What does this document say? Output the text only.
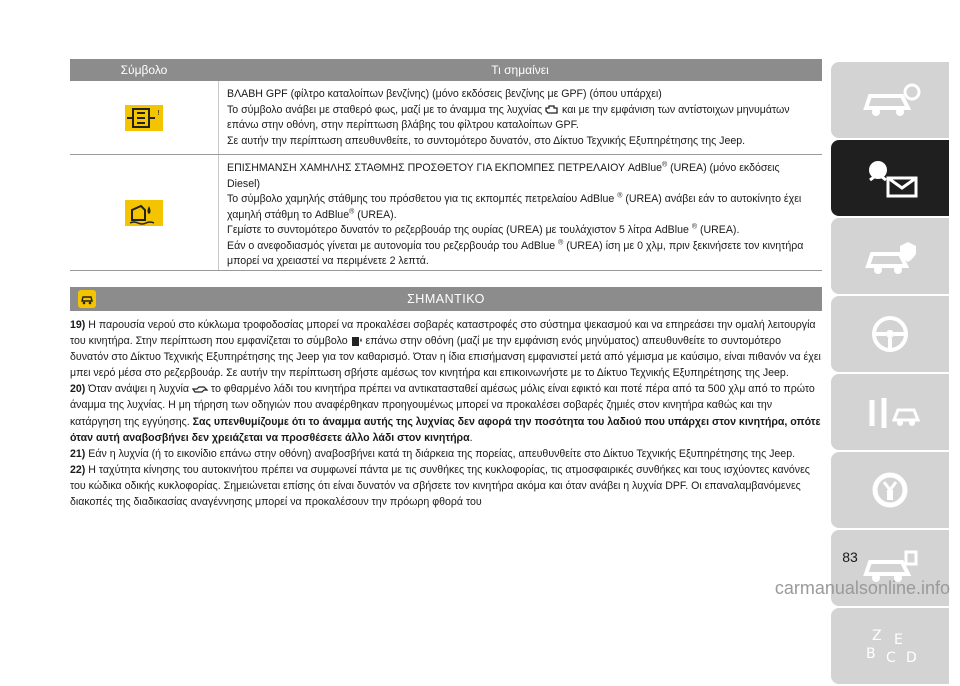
Σύμβολο	Τι σημαίνει
!

ΒΛΑΒΗ GPF (φίλτρο καταλοίπων βενζίνης) (μόνο εκδόσεις βενζίνης με GPF) (όπου υπάρχει)

Το σύμβολο ανάβει με σταθερό φως, μαζί με το άναμμα της λυχνίας και με την εμφάνιση των αντίστοιχων μηνυμάτων επάνω στην οθόνη, στην περίπτωση βλάβης του φίλτρου καταλοίπων GPF.

Σε αυτήν την περίπτωση απευθυνθείτε, το συντομότερο δυνατόν, στο Δίκτυο Τεχνικής Εξυπηρέτησης της Jeep.

ΕΠΙΣΗΜΑΝΣΗ ΧΑΜΗΛΗΣ ΣΤΑΘΜΗΣ ΠΡΟΣΘΕΤΟΥ ΓΙΑ ΕΚΠΟΜΠΕΣ ΠΕΤΡΕΛΑΙΟΥ AdBlue® (UREA) (μόνο εκδόσεις Diesel)

Το σύμβολο χαμηλής στάθμης του πρόσθετου για τις εκπομπές πετρελαίου AdBlue ® (UREA) ανάβει εάν το αυτοκίνητο έχει χαμηλή στάθμη το AdBlue® (UREA).

Γεμίστε το συντομότερο δυνατόν το ρεζερβουάρ της ουρίας (UREA) με τουλάχιστον 5 λίτρα AdBlue ® (UREA).

Εάν ο ανεφοδιασμός γίνεται με αυτονομία του ρεζερβουάρ του AdBlue ® (UREA) ίση με 0 χλμ, πριν ξεκινήσετε τον κινητήρα μπορεί να χρειαστεί να περιμένετε 2 λεπτά.

ΣΗΜΑΝΤΙΚΟ

19) Η παρουσία νερού στο κύκλωμα τροφοδοσίας μπορεί να προκαλέσει σοβαρές καταστροφές στο σύστημα ψεκασμού και να επηρεάσει την ομαλή λειτουργία του κινητήρα. Στην περίπτωση που εμφανίζεται το σύμβολο επάνω στην οθόνη (μαζί με την εμφάνιση ενός μηνύματος) απευθυνθείτε το συντομότερο δυνατόν στο Δίκτυο Τεχνικής Εξυπηρέτησης της Jeep για τον καθαρισμό. Όταν η ίδια επισήμανση εμφανιστεί μετά από γέμισμα με καύσιμο, είναι πιθανόν να έχει μπει νερό μέσα στο ρεζερβουάρ. Σε αυτήν την περίπτωση σβήστε αμέσως τον κινητήρα και επικοινωνήστε με το Δίκτυο Τεχνικής Εξυπηρέτησης της Jeep.

20) Όταν ανάψει η λυχνία το φθαρμένο λάδι του κινητήρα πρέπει να αντικατασταθεί αμέσως μόλις είναι εφικτό και ποτέ πέρα από τα 500 χλμ από το πρώτο άναμμα της λυχνίας. Η μη τήρηση των οδηγιών που αναφέρθηκαν προηγουμένως μπορεί να προκαλέσει σοβαρές ζημιές στον κινητήρα καθώς και την κατάργηση της εγγύησης. Σας υπενθυμίζουμε ότι το άναμμα αυτής της λυχνίας δεν αφορά την ποσότητα του λαδιού που υπάρχει στον κινητήρα, οπότε όταν αυτή αναβοσβήνει δεν χρειάζεται να προσθέσετε άλλο λάδι στον κινητήρα.

21) Εάν η λυχνία (ή το εικονίδιο επάνω στην οθόνη) αναβοσβήνει κατά τη διάρκεια της πορείας, απευθυνθείτε στο Δίκτυο Τεχνικής Εξυπηρέτησης της Jeep.

22) Η ταχύτητα κίνησης του αυτοκινήτου πρέπει να συμφωνεί πάντα με τις συνθήκες της κυκλοφορίας, τις ατμοσφαιρικές συνθήκες και τους ισχύοντες κανόνες του κώδικα οδικής κυκλοφορίας. Σημειώνεται επίσης ότι είναι δυνατόν να σβήσετε τον κινητήρα ακόμα και όταν ανάβει η λυχνία DPF. Οι επαναλαμβανόμενες διακοπές της διαδικασίας αναγέννησης μπορεί να προκαλέσουν την πρόωρη φθορά του

Z E
B C D
83
carmanualsonline.info
